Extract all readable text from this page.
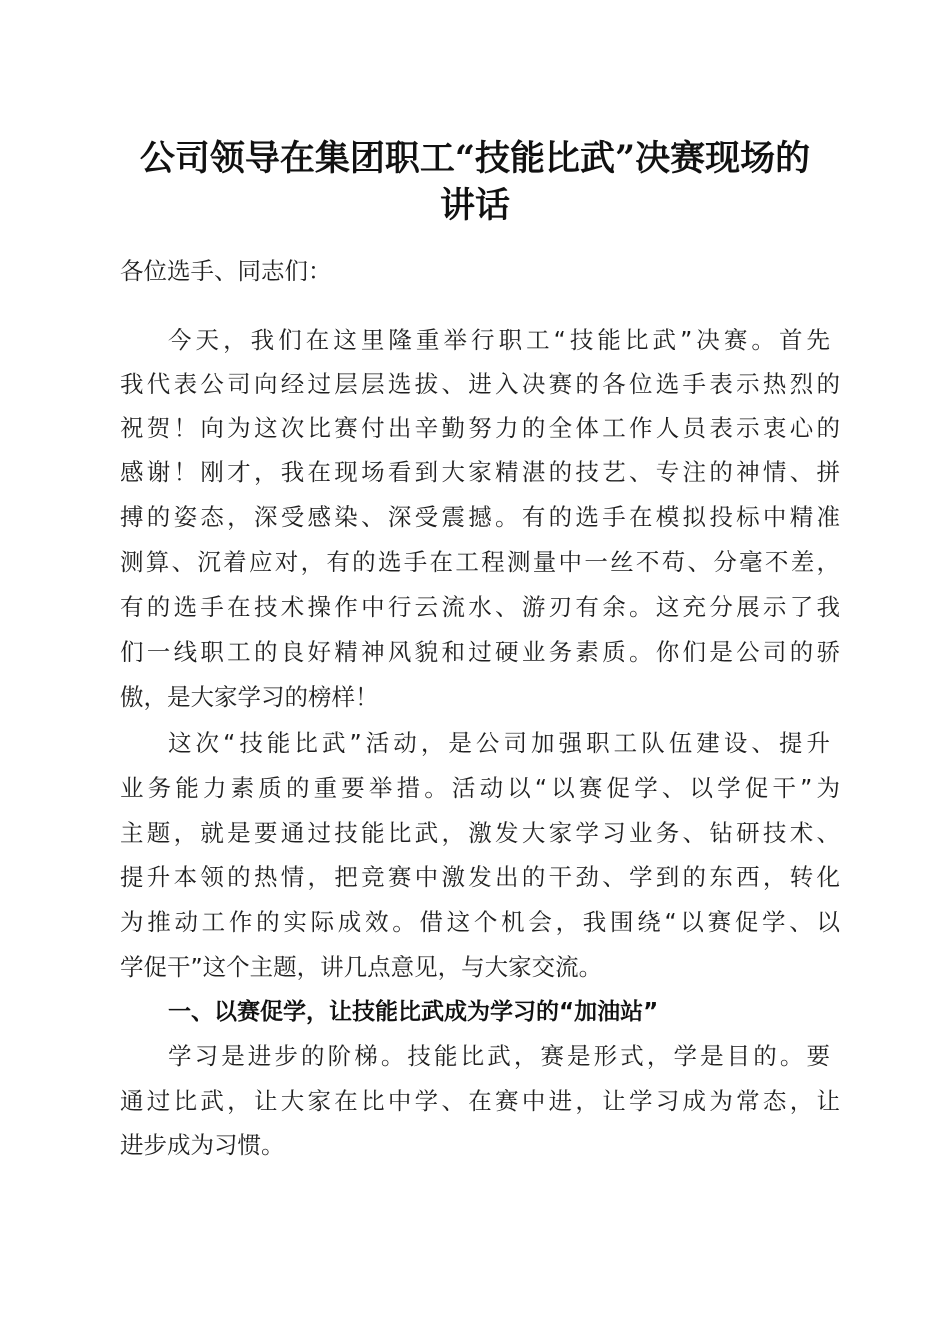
公司领导在集团职工“技能比武”决赛现场的
讲话
各位选手、同志们：
今天，我们在这里隆重举行职工“技能比武”决赛。首先
我代表公司向经过层层选拔、进入决赛的各位选手表示热烈的
祝贺！向为这次比赛付出辛勤努力的全体工作人员表示衷心的
感谢！刚才，我在现场看到大家精湛的技艺、专注的神情、拼
搏的姿态，深受感染、深受震撼。有的选手在模拟投标中精准
测算、沉着应对，有的选手在工程测量中一丝不苟、分毫不差，
有的选手在技术操作中行云流水、游刃有余。这充分展示了我
们一线职工的良好精神风貌和过硬业务素质。你们是公司的骄
傲，是大家学习的榜样！
这次“技能比武”活动，是公司加强职工队伍建设、提升
业务能力素质的重要举措。活动以“以赛促学、以学促干”为
主题，就是要通过技能比武，激发大家学习业务、钻研技术、
提升本领的热情，把竞赛中激发出的干劲、学到的东西，转化
为推动工作的实际成效。借这个机会，我围绕“以赛促学、以
学促干”这个主题，讲几点意见，与大家交流。
一、以赛促学，让技能比武成为学习的“加油站”
学习是进步的阶梯。技能比武，赛是形式，学是目的。要
通过比武，让大家在比中学、在赛中进，让学习成为常态，让
进步成为习惯。
